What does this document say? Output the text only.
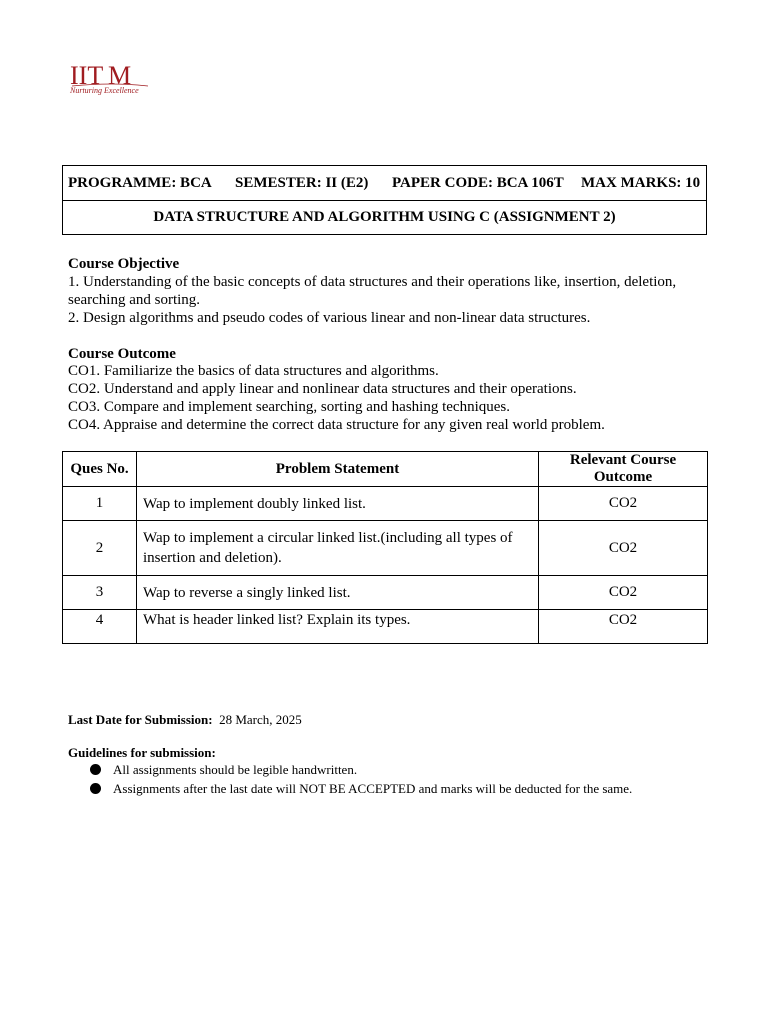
IIT M
Nurturing Excellence
PROGRAMME: BCA	SEMESTER: II (E2)	PAPER CODE: BCA 106T	MAX MARKS: 10
DATA STRUCTURE AND ALGORITHM USING C (ASSIGNMENT 2)
Course Objective
1. Understanding of the basic concepts of data structures and their operations like, insertion, deletion,
searching and sorting.
2. Design algorithms and pseudo codes of various linear and non-linear data structures.
Course Outcome
CO1. Familiarize the basics of data structures and algorithms.
CO2. Understand and apply linear and nonlinear data structures and their operations.
CO3. Compare and implement searching, sorting and hashing techniques.
CO4. Appraise and determine the correct data structure for any given real world problem.
Ques No.	Problem Statement	Relevant Course Outcome
1	Wap to implement doubly linked list.	CO2
2	Wap to implement a circular linked list.(including all types of insertion and deletion).	CO2
3	Wap to reverse a singly linked list.	CO2
4	What is header linked list? Explain its types.	CO2
Last Date for Submission: 28 March, 2025
Guidelines for submission:
All assignments should be legible handwritten.
Assignments after the last date will NOT BE ACCEPTED and marks will be deducted for the same.
